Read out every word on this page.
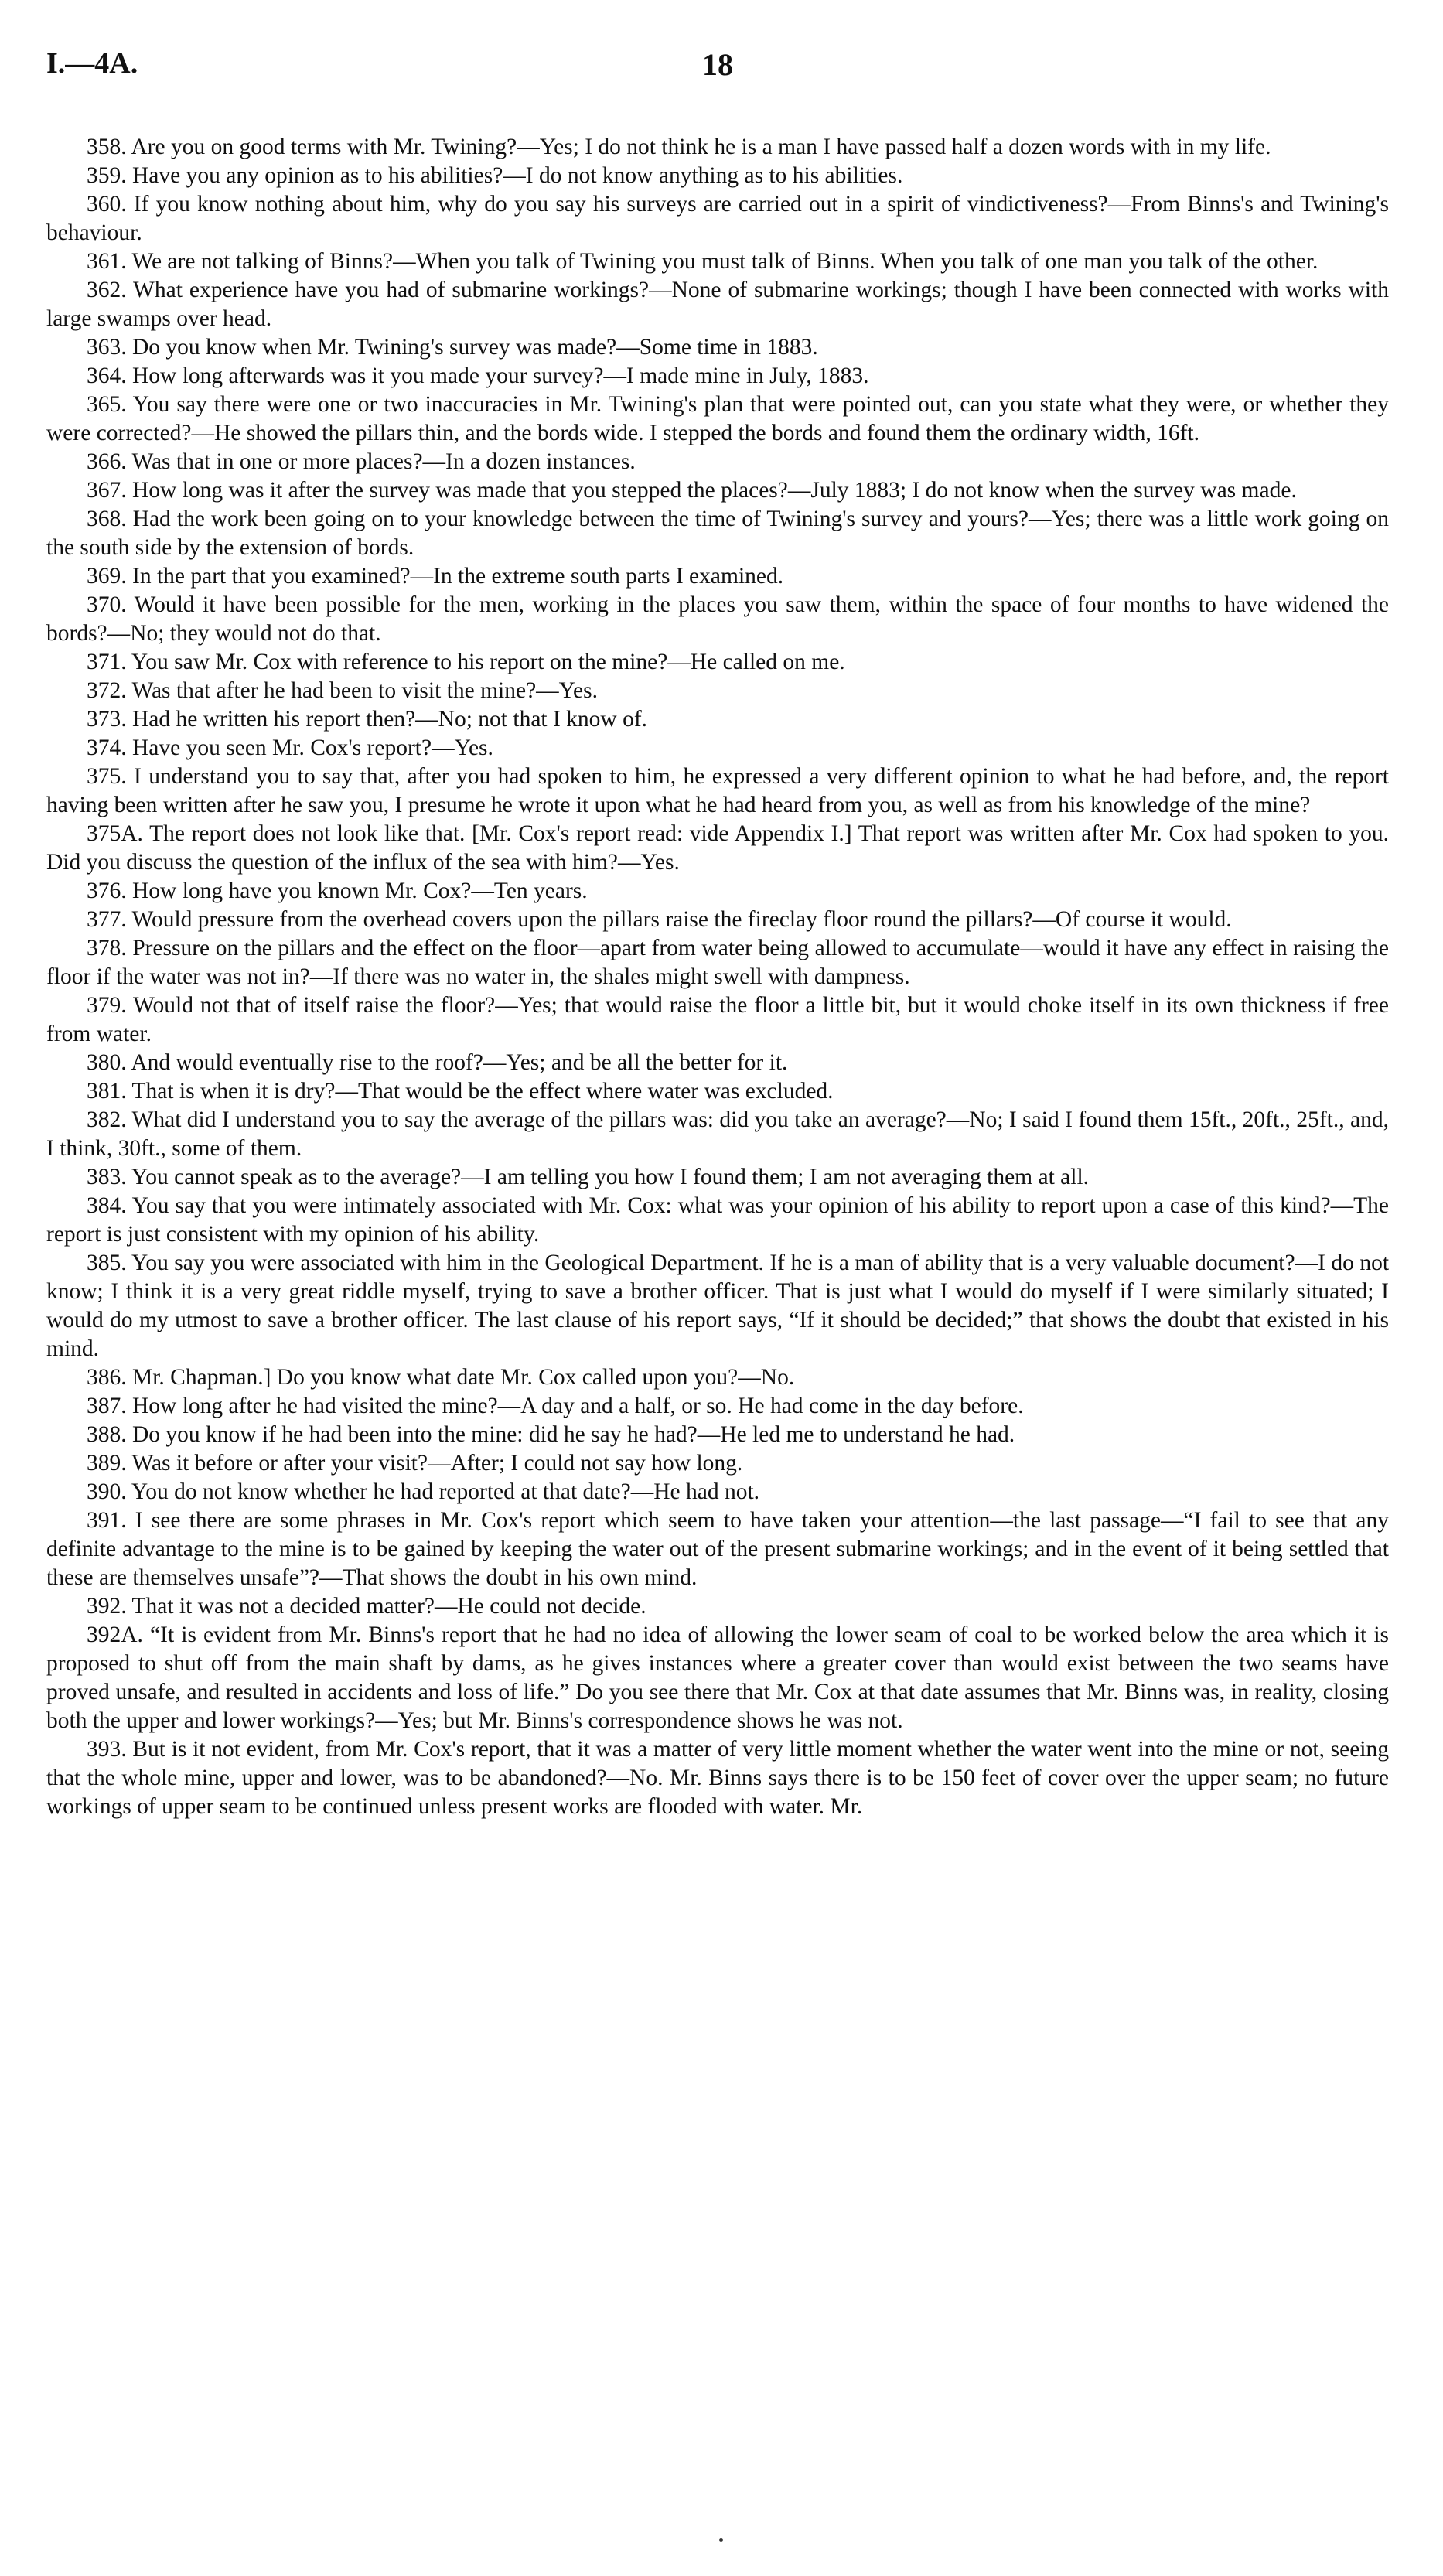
I.—4A.	18

358. Are you on good terms with Mr. Twining?—Yes; I do not think he is a man I have passed half a dozen words with in my life.

359. Have you any opinion as to his abilities?—I do not know anything as to his abilities.

360. If you know nothing about him, why do you say his surveys are carried out in a spirit of vindictiveness?—From Binns's and Twining's behaviour.

361. We are not talking of Binns?—When you talk of Twining you must talk of Binns. When you talk of one man you talk of the other.

362. What experience have you had of submarine workings?—None of submarine workings; though I have been connected with works with large swamps over head.

363. Do you know when Mr. Twining's survey was made?—Some time in 1883.

364. How long afterwards was it you made your survey?—I made mine in July, 1883.

365. You say there were one or two inaccuracies in Mr. Twining's plan that were pointed out, can you state what they were, or whether they were corrected?—He showed the pillars thin, and the bords wide. I stepped the bords and found them the ordinary width, 16ft.

366. Was that in one or more places?—In a dozen instances.

367. How long was it after the survey was made that you stepped the places?—July 1883; I do not know when the survey was made.

368. Had the work been going on to your knowledge between the time of Twining's survey and yours?—Yes; there was a little work going on the south side by the extension of bords.

369. In the part that you examined?—In the extreme south parts I examined.

370. Would it have been possible for the men, working in the places you saw them, within the space of four months to have widened the bords?—No; they would not do that.

371. You saw Mr. Cox with reference to his report on the mine?—He called on me.

372. Was that after he had been to visit the mine?—Yes.

373. Had he written his report then?—No; not that I know of.

374. Have you seen Mr. Cox's report?—Yes.

375. I understand you to say that, after you had spoken to him, he expressed a very different opinion to what he had before, and, the report having been written after he saw you, I presume he wrote it upon what he had heard from you, as well as from his knowledge of the mine?

375A. The report does not look like that. [Mr. Cox's report read: vide Appendix I.] That report was written after Mr. Cox had spoken to you. Did you discuss the question of the influx of the sea with him?—Yes.

376. How long have you known Mr. Cox?—Ten years.

377. Would pressure from the overhead covers upon the pillars raise the fireclay floor round the pillars?—Of course it would.

378. Pressure on the pillars and the effect on the floor—apart from water being allowed to accumulate—would it have any effect in raising the floor if the water was not in?—If there was no water in, the shales might swell with dampness.

379. Would not that of itself raise the floor?—Yes; that would raise the floor a little bit, but it would choke itself in its own thickness if free from water.

380. And would eventually rise to the roof?—Yes; and be all the better for it.

381. That is when it is dry?—That would be the effect where water was excluded.

382. What did I understand you to say the average of the pillars was: did you take an average?—No; I said I found them 15ft., 20ft., 25ft., and, I think, 30ft., some of them.

383. You cannot speak as to the average?—I am telling you how I found them; I am not averaging them at all.

384. You say that you were intimately associated with Mr. Cox: what was your opinion of his ability to report upon a case of this kind?—The report is just consistent with my opinion of his ability.

385. You say you were associated with him in the Geological Department. If he is a man of ability that is a very valuable document?—I do not know; I think it is a very great riddle myself, trying to save a brother officer. That is just what I would do myself if I were similarly situated; I would do my utmost to save a brother officer. The last clause of his report says, “If it should be decided;” that shows the doubt that existed in his mind.

386. Mr. Chapman.] Do you know what date Mr. Cox called upon you?—No.

387. How long after he had visited the mine?—A day and a half, or so. He had come in the day before.

388. Do you know if he had been into the mine: did he say he had?—He led me to understand he had.

389. Was it before or after your visit?—After; I could not say how long.

390. You do not know whether he had reported at that date?—He had not.

391. I see there are some phrases in Mr. Cox's report which seem to have taken your attention—the last passage—“I fail to see that any definite advantage to the mine is to be gained by keeping the water out of the present submarine workings; and in the event of it being settled that these are themselves unsafe”?—That shows the doubt in his own mind.

392. That it was not a decided matter?—He could not decide.

392A. “It is evident from Mr. Binns's report that he had no idea of allowing the lower seam of coal to be worked below the area which it is proposed to shut off from the main shaft by dams, as he gives instances where a greater cover than would exist between the two seams have proved unsafe, and resulted in accidents and loss of life.” Do you see there that Mr. Cox at that date assumes that Mr. Binns was, in reality, closing both the upper and lower workings?—Yes; but Mr. Binns's correspondence shows he was not.

393. But is it not evident, from Mr. Cox's report, that it was a matter of very little moment whether the water went into the mine or not, seeing that the whole mine, upper and lower, was to be abandoned?—No. Mr. Binns says there is to be 150 feet of cover over the upper seam; no future workings of upper seam to be continued unless present works are flooded with water. Mr.
